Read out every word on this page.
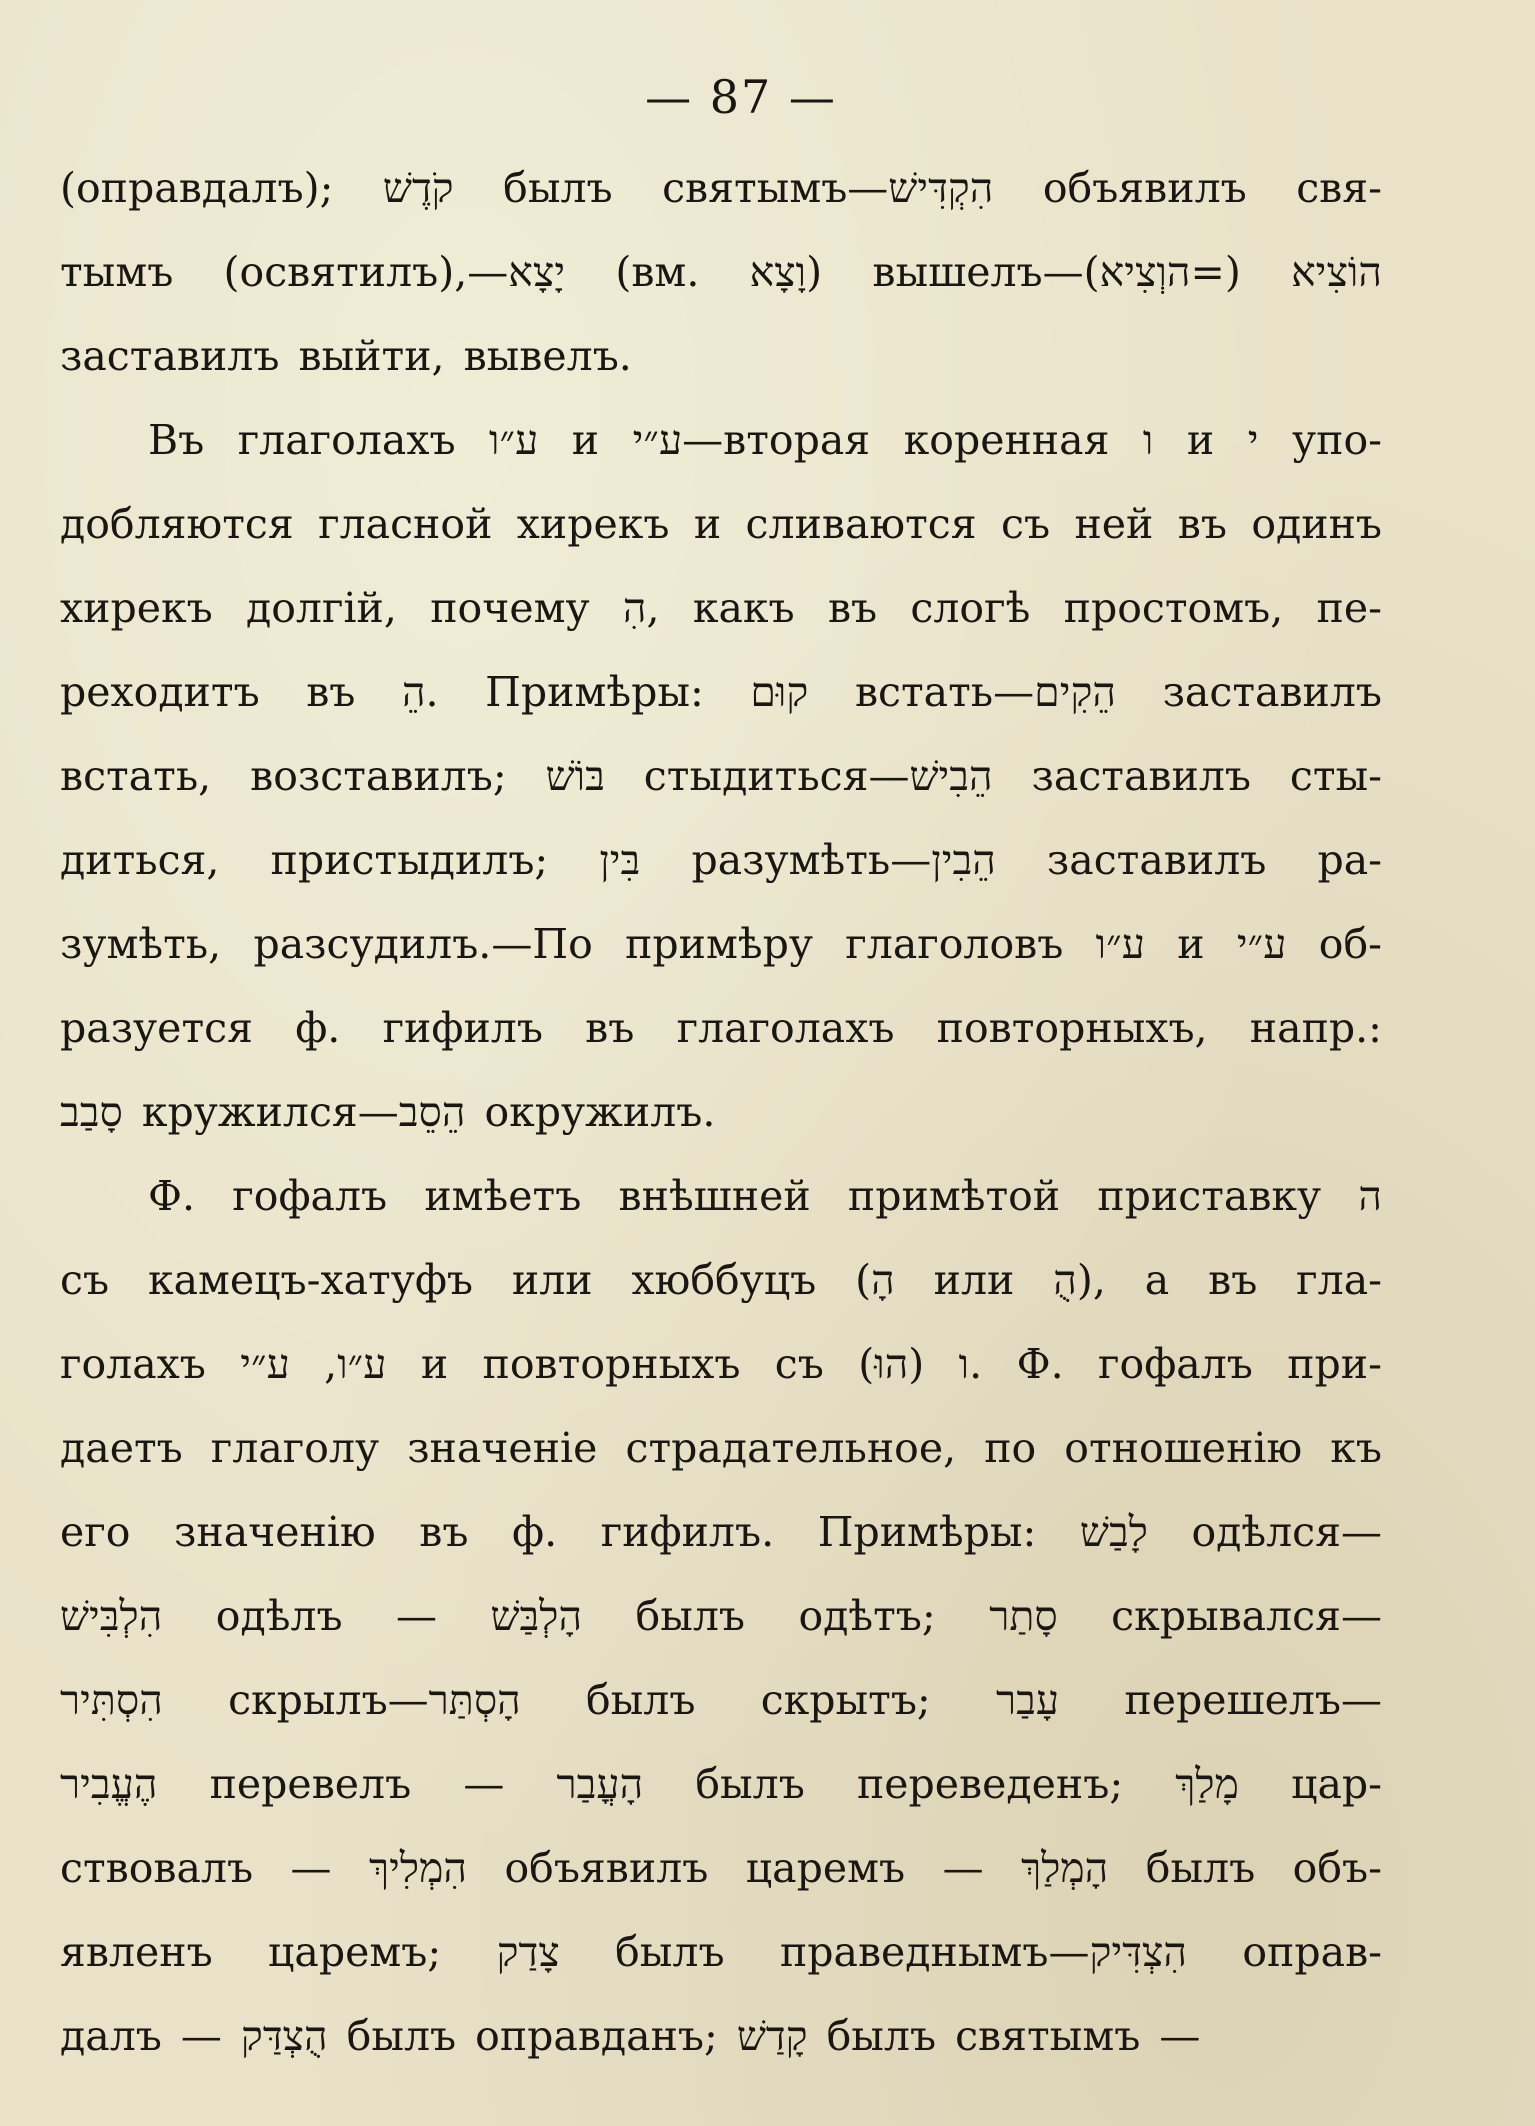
— 87 —
(оправдалъ); קֹדֶשׁ былъ святымъ—הִקְדִּישׁ объявилъ свя-
тымъ (освятилъ),—יָצָא (вм. וָצָא) вышелъ—הוֹצִיא (=הוְצִיא)
заставилъ выйти, вывелъ.
Въ глаголахъ ע״ו и ע״י—вторая коренная ו и י упо-
добляются гласной хирекъ и сливаются съ ней въ одинъ
хирекъ долгій, почему הִ, какъ въ слогѣ простомъ, пе-
реходитъ въ הֵ. Примѣры: קוּם встать—הֵקִים заставилъ
встать, возставилъ; בּוֹשׁ стыдиться—הֵבִישׁ заставилъ сты-
диться, пристыдилъ; בִּין разумѣть—הֵבִין заставилъ ра-
зумѣть, разсудилъ.—По примѣру глаголовъ ע״ו и ע״י об-
разуется ф. гифилъ въ глаголахъ повторныхъ, напр.:
סָבַב кружился—הֵסֵב окружилъ.
Ф. гофалъ имѣетъ внѣшней примѣтой приставку ה
съ камецъ-хатуфъ или хюббуцъ (הָ или הֻ), а въ гла-
голахъ ע״ו, ע״י и повторныхъ съ ו (הוּ). Ф. гофалъ при-
даетъ глаголу значеніе страдательное, по отношенію къ
его значенію въ ф. гифилъ. Примѣры: לָבַשׁ одѣлся—
הִלְבִּישׁ одѣлъ — הָלְבַּשׁ былъ одѣтъ; סָתַר скрывался—
הִסְתִּיר скрылъ—הָסְתַּר былъ скрытъ; עָבַר перешелъ—
הֶעֱבִיר перевелъ — הָעֳבַר былъ переведенъ; מָלַךְ цар-
ствовалъ — הִמְלִיךְ объявилъ царемъ — הָמְלַךְ былъ объ-
явленъ царемъ; צָדַק былъ праведнымъ—הִצְדִּיק оправ-
далъ — הֻצְדַּק былъ оправданъ; קָדַשׁ былъ святымъ —
